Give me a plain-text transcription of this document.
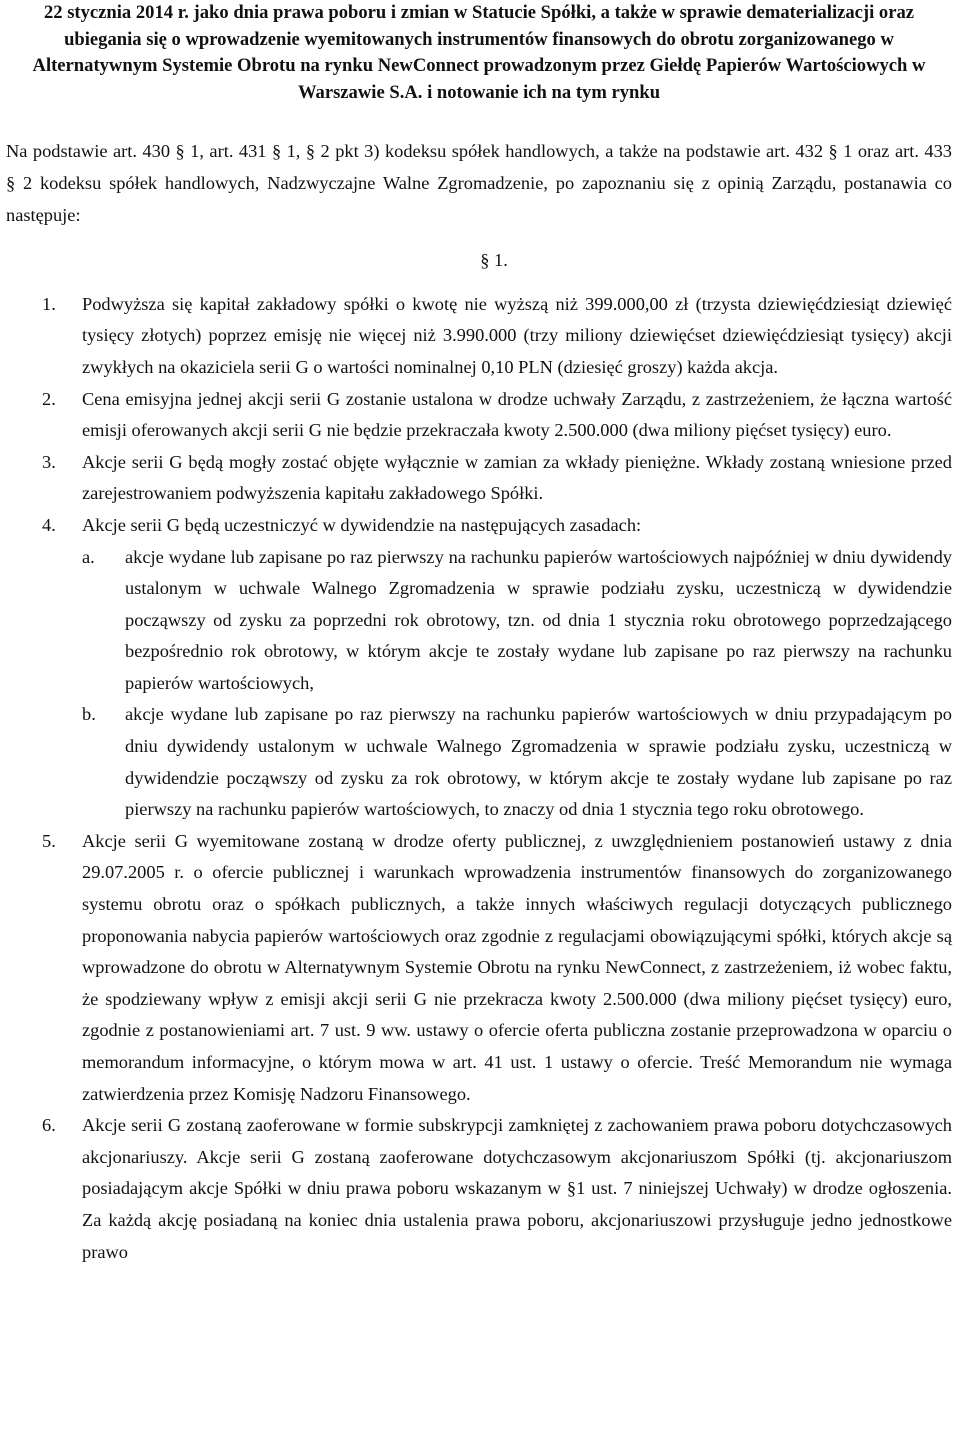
22 stycznia 2014 r. jako dnia prawa poboru i zmian w Statucie Spółki, a także w sprawie dematerializacji oraz ubiegania się o wprowadzenie wyemitowanych instrumentów finansowych do obrotu zorganizowanego w Alternatywnym Systemie Obrotu na rynku NewConnect prowadzonym przez Giełdę Papierów Wartościowych w Warszawie S.A. i notowanie ich na tym rynku

Na podstawie art. 430 § 1, art. 431 § 1, § 2 pkt 3) kodeksu spółek handlowych, a także na podstawie art. 432 § 1 oraz art. 433 § 2 kodeksu spółek handlowych, Nadzwyczajne Walne Zgromadzenie, po zapoznaniu się z opinią Zarządu, postanawia co następuje:

§ 1.
1.	Podwyższa się kapitał zakładowy spółki o kwotę nie wyższą niż 399.000,00 zł (trzysta dziewięćdziesiąt dziewięć tysięcy złotych) poprzez emisję nie więcej niż 3.990.000 (trzy miliony dziewięćset dziewięćdziesiąt tysięcy) akcji zwykłych na okaziciela serii G o wartości nominalnej 0,10 PLN (dziesięć groszy) każda akcja.
2.	Cena emisyjna jednej akcji serii G zostanie ustalona w drodze uchwały Zarządu, z zastrzeżeniem, że łączna wartość emisji oferowanych akcji serii G nie będzie przekraczała kwoty 2.500.000 (dwa miliony pięćset tysięcy) euro.
3.	Akcje serii G będą mogły zostać objęte wyłącznie w zamian za wkłady pieniężne. Wkłady zostaną wniesione przed zarejestrowaniem podwyższenia kapitału zakładowego Spółki.
4.	Akcje serii G będą uczestniczyć w dywidendzie na następujących zasadach:
a.	akcje wydane lub zapisane po raz pierwszy na rachunku papierów wartościowych najpóźniej w dniu dywidendy ustalonym w uchwale Walnego Zgromadzenia w sprawie podziału zysku, uczestniczą w dywidendzie począwszy od zysku za poprzedni rok obrotowy, tzn. od dnia 1 stycznia roku obrotowego poprzedzającego bezpośrednio rok obrotowy, w którym akcje te zostały wydane lub zapisane po raz pierwszy na rachunku papierów wartościowych,
b.	akcje wydane lub zapisane po raz pierwszy na rachunku papierów wartościowych w dniu przypadającym po dniu dywidendy ustalonym w uchwale Walnego Zgromadzenia w sprawie podziału zysku, uczestniczą w dywidendzie począwszy od zysku za rok obrotowy, w którym akcje te zostały wydane lub zapisane po raz pierwszy na rachunku papierów wartościowych, to znaczy od dnia 1 stycznia tego roku obrotowego.
5.	Akcje serii G wyemitowane zostaną w drodze oferty publicznej, z uwzględnieniem postanowień ustawy z dnia 29.07.2005 r. o ofercie publicznej i warunkach wprowadzenia instrumentów finansowych do zorganizowanego systemu obrotu oraz o spółkach publicznych, a także innych właściwych regulacji dotyczących publicznego proponowania nabycia papierów wartościowych oraz zgodnie z regulacjami obowiązującymi spółki, których akcje są wprowadzone do obrotu w Alternatywnym Systemie Obrotu na rynku NewConnect, z zastrzeżeniem, iż wobec faktu, że spodziewany wpływ z emisji akcji serii G nie przekracza kwoty 2.500.000 (dwa miliony pięćset tysięcy) euro, zgodnie z postanowieniami art. 7 ust. 9 ww. ustawy o ofercie oferta publiczna zostanie przeprowadzona w oparciu o memorandum informacyjne, o którym mowa w art. 41 ust. 1 ustawy o ofercie. Treść Memorandum nie wymaga zatwierdzenia przez Komisję Nadzoru Finansowego.
6.	Akcje serii G zostaną zaoferowane w formie subskrypcji zamkniętej z zachowaniem prawa poboru dotychczasowych akcjonariuszy. Akcje serii G zostaną zaoferowane dotychczasowym akcjonariuszom Spółki (tj. akcjonariuszom posiadającym akcje Spółki w dniu prawa poboru wskazanym w §1 ust. 7 niniejszej Uchwały) w drodze ogłoszenia. Za każdą akcję posiadaną na koniec dnia ustalenia prawa poboru, akcjonariuszowi przysługuje jedno jednostkowe prawo
